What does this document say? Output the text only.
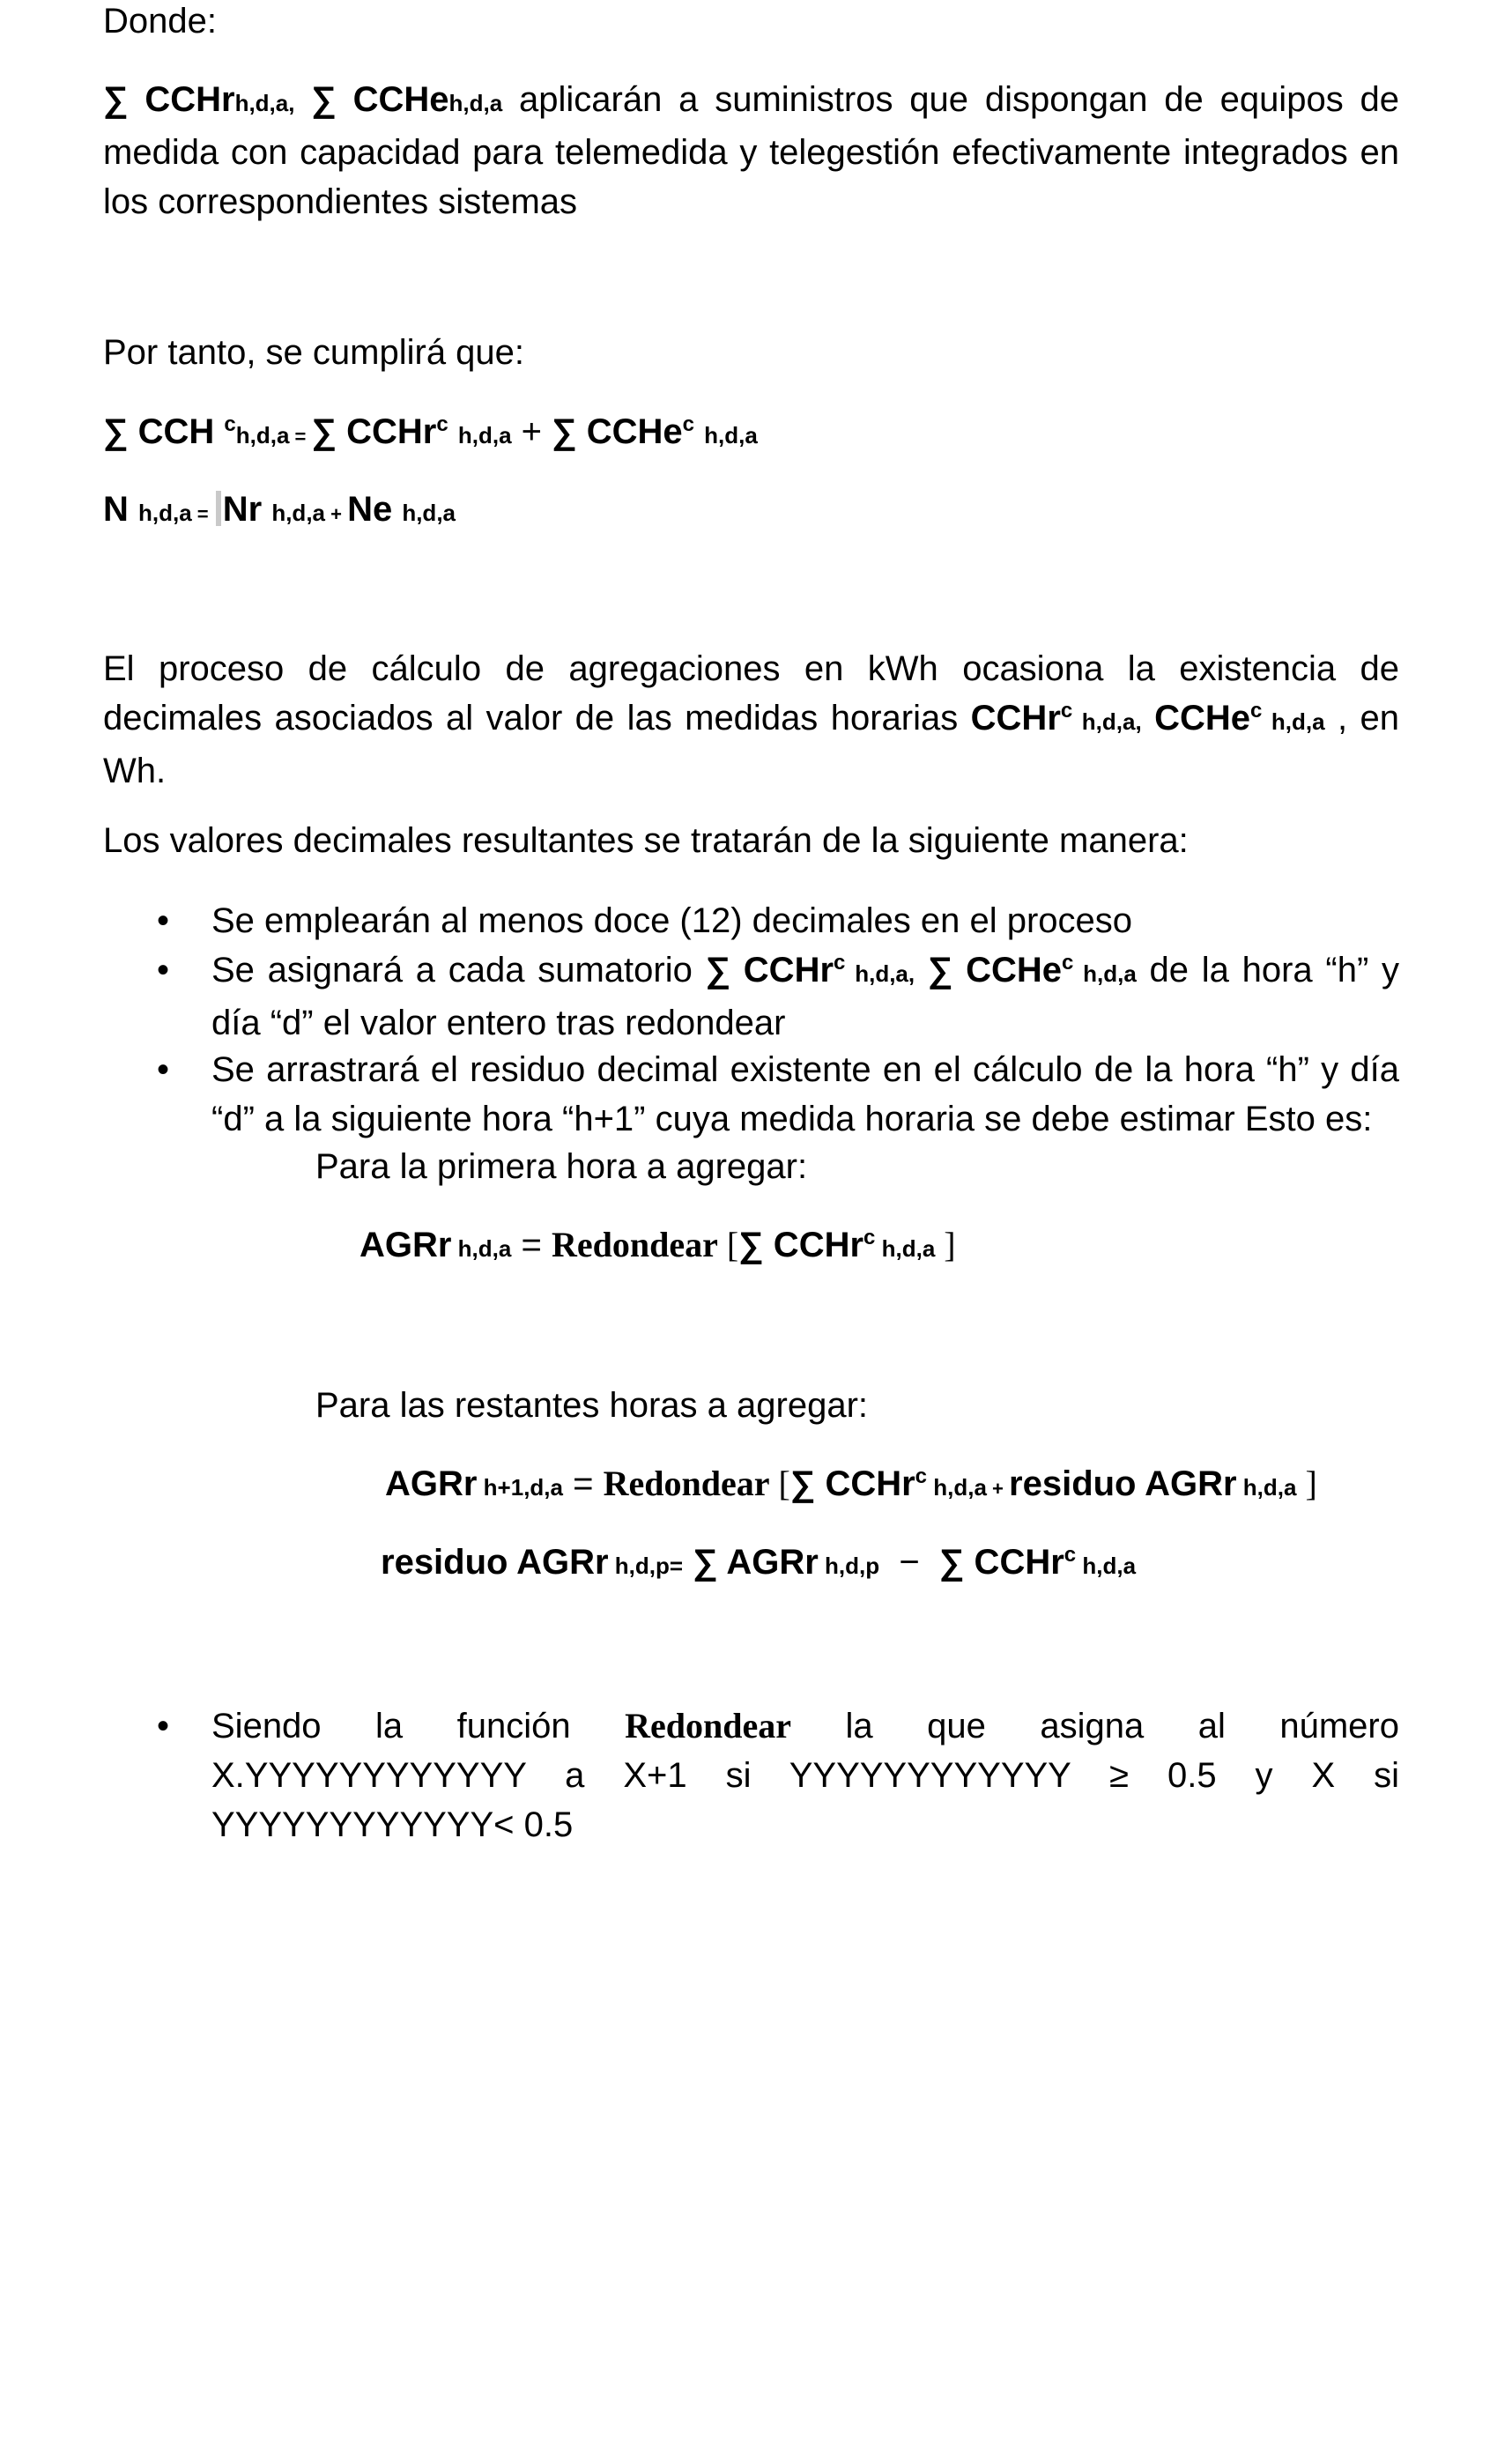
Donde:

∑ CCHrh,d,a, ∑ CCHeh,d,a aplicarán a suministros que dispongan de equipos de medida con capacidad para telemedida y telegestión efectivamente integrados en los correspondientes sistemas

Por tanto, se cumplirá que:

∑ CCH $^c$h,d,a = ∑ CCHr$^c$ h,d,a + ∑ CCHe$^c$ h,d,a

N h,d,a = Nr h,d,a + Ne h,d,a

El proceso de cálculo de agregaciones en kWh ocasiona la existencia de decimales asociados al valor de las medidas horarias CCHr$^c$ h,d,a, CCHe$^c$ h,d,a , en Wh.

Los valores decimales resultantes se tratarán de la siguiente manera:

• Se emplearán al menos doce (12) decimales en el proceso

• Se asignará a cada sumatorio ∑ CCHr$^c$ h,d,a, ∑ CCHe$^c$ h,d,a de la hora “h” y día “d” el valor entero tras redondear

• Se arrastrará el residuo decimal existente en el cálculo de la hora “h” y día “d” a la siguiente hora “h+1” cuya medida horaria se debe estimar Esto es:

Para la primera hora a agregar:

AGRr h,d,a = Redondear [∑ CCHr$^c$ h,d,a ]

Para las restantes horas a agregar:

AGRr h+1,d,a = Redondear [∑ CCHr$^c$ h,d,a + residuo AGRr h,d,a ]

residuo AGRr h,d,p= ∑ AGRr h,d,p  −  ∑ CCHr$^c$ h,d,a

• Siendo la función Redondear la que asigna al número
X.YYYYYYYYYYYY a X+1 si YYYYYYYYYYYY ≥ 0.5 y X si
YYYYYYYYYYYY< 0.5
